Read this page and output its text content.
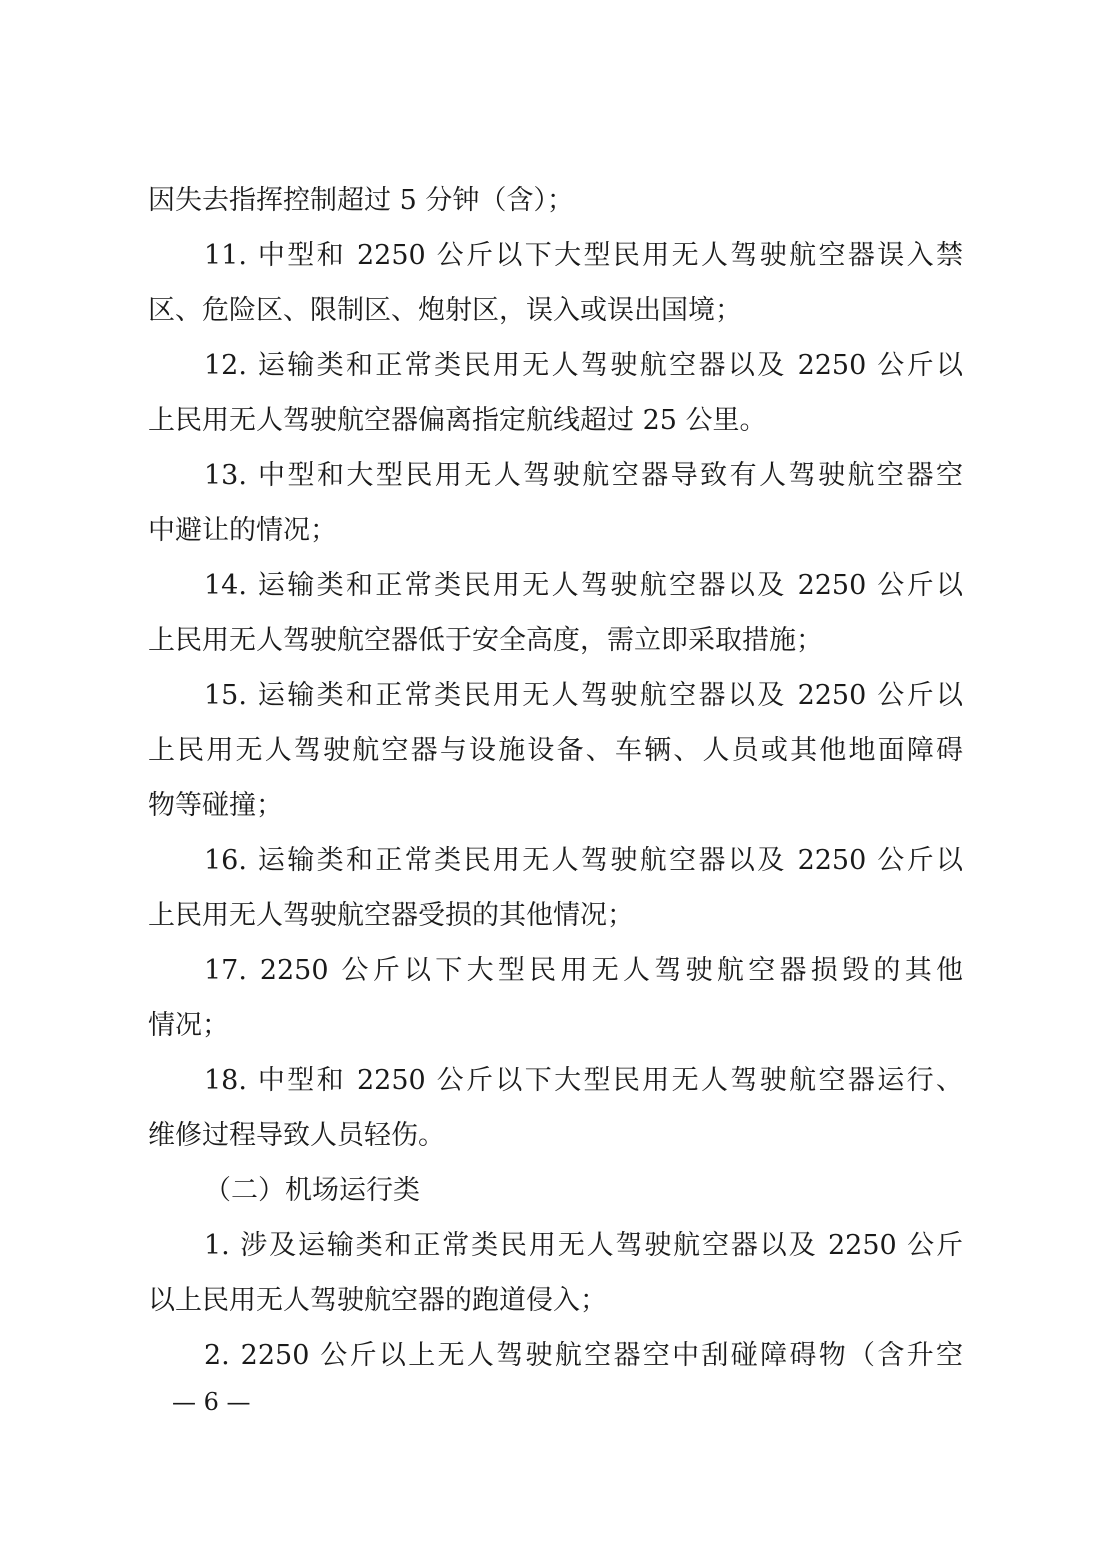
因失去指挥控制超过 5 分钟（含）；
11. 中型和 2250 公斤以下大型民用无人驾驶航空器误入禁
区、危险区、限制区、炮射区，误入或误出国境；
12. 运输类和正常类民用无人驾驶航空器以及 2250 公斤以
上民用无人驾驶航空器偏离指定航线超过 25 公里。
13. 中型和大型民用无人驾驶航空器导致有人驾驶航空器空
中避让的情况；
14. 运输类和正常类民用无人驾驶航空器以及 2250 公斤以
上民用无人驾驶航空器低于安全高度，需立即采取措施；
15. 运输类和正常类民用无人驾驶航空器以及 2250 公斤以
上民用无人驾驶航空器与设施设备、车辆、人员或其他地面障碍
物等碰撞；
16. 运输类和正常类民用无人驾驶航空器以及 2250 公斤以
上民用无人驾驶航空器受损的其他情况；
17. 2250 公斤以下大型民用无人驾驶航空器损毁的其他
情况；
18. 中型和 2250 公斤以下大型民用无人驾驶航空器运行、
维修过程导致人员轻伤。
（二）机场运行类
1. 涉及运输类和正常类民用无人驾驶航空器以及 2250 公斤
以上民用无人驾驶航空器的跑道侵入；
2. 2250 公斤以上无人驾驶航空器空中刮碰障碍物（含升空
— 6 —
